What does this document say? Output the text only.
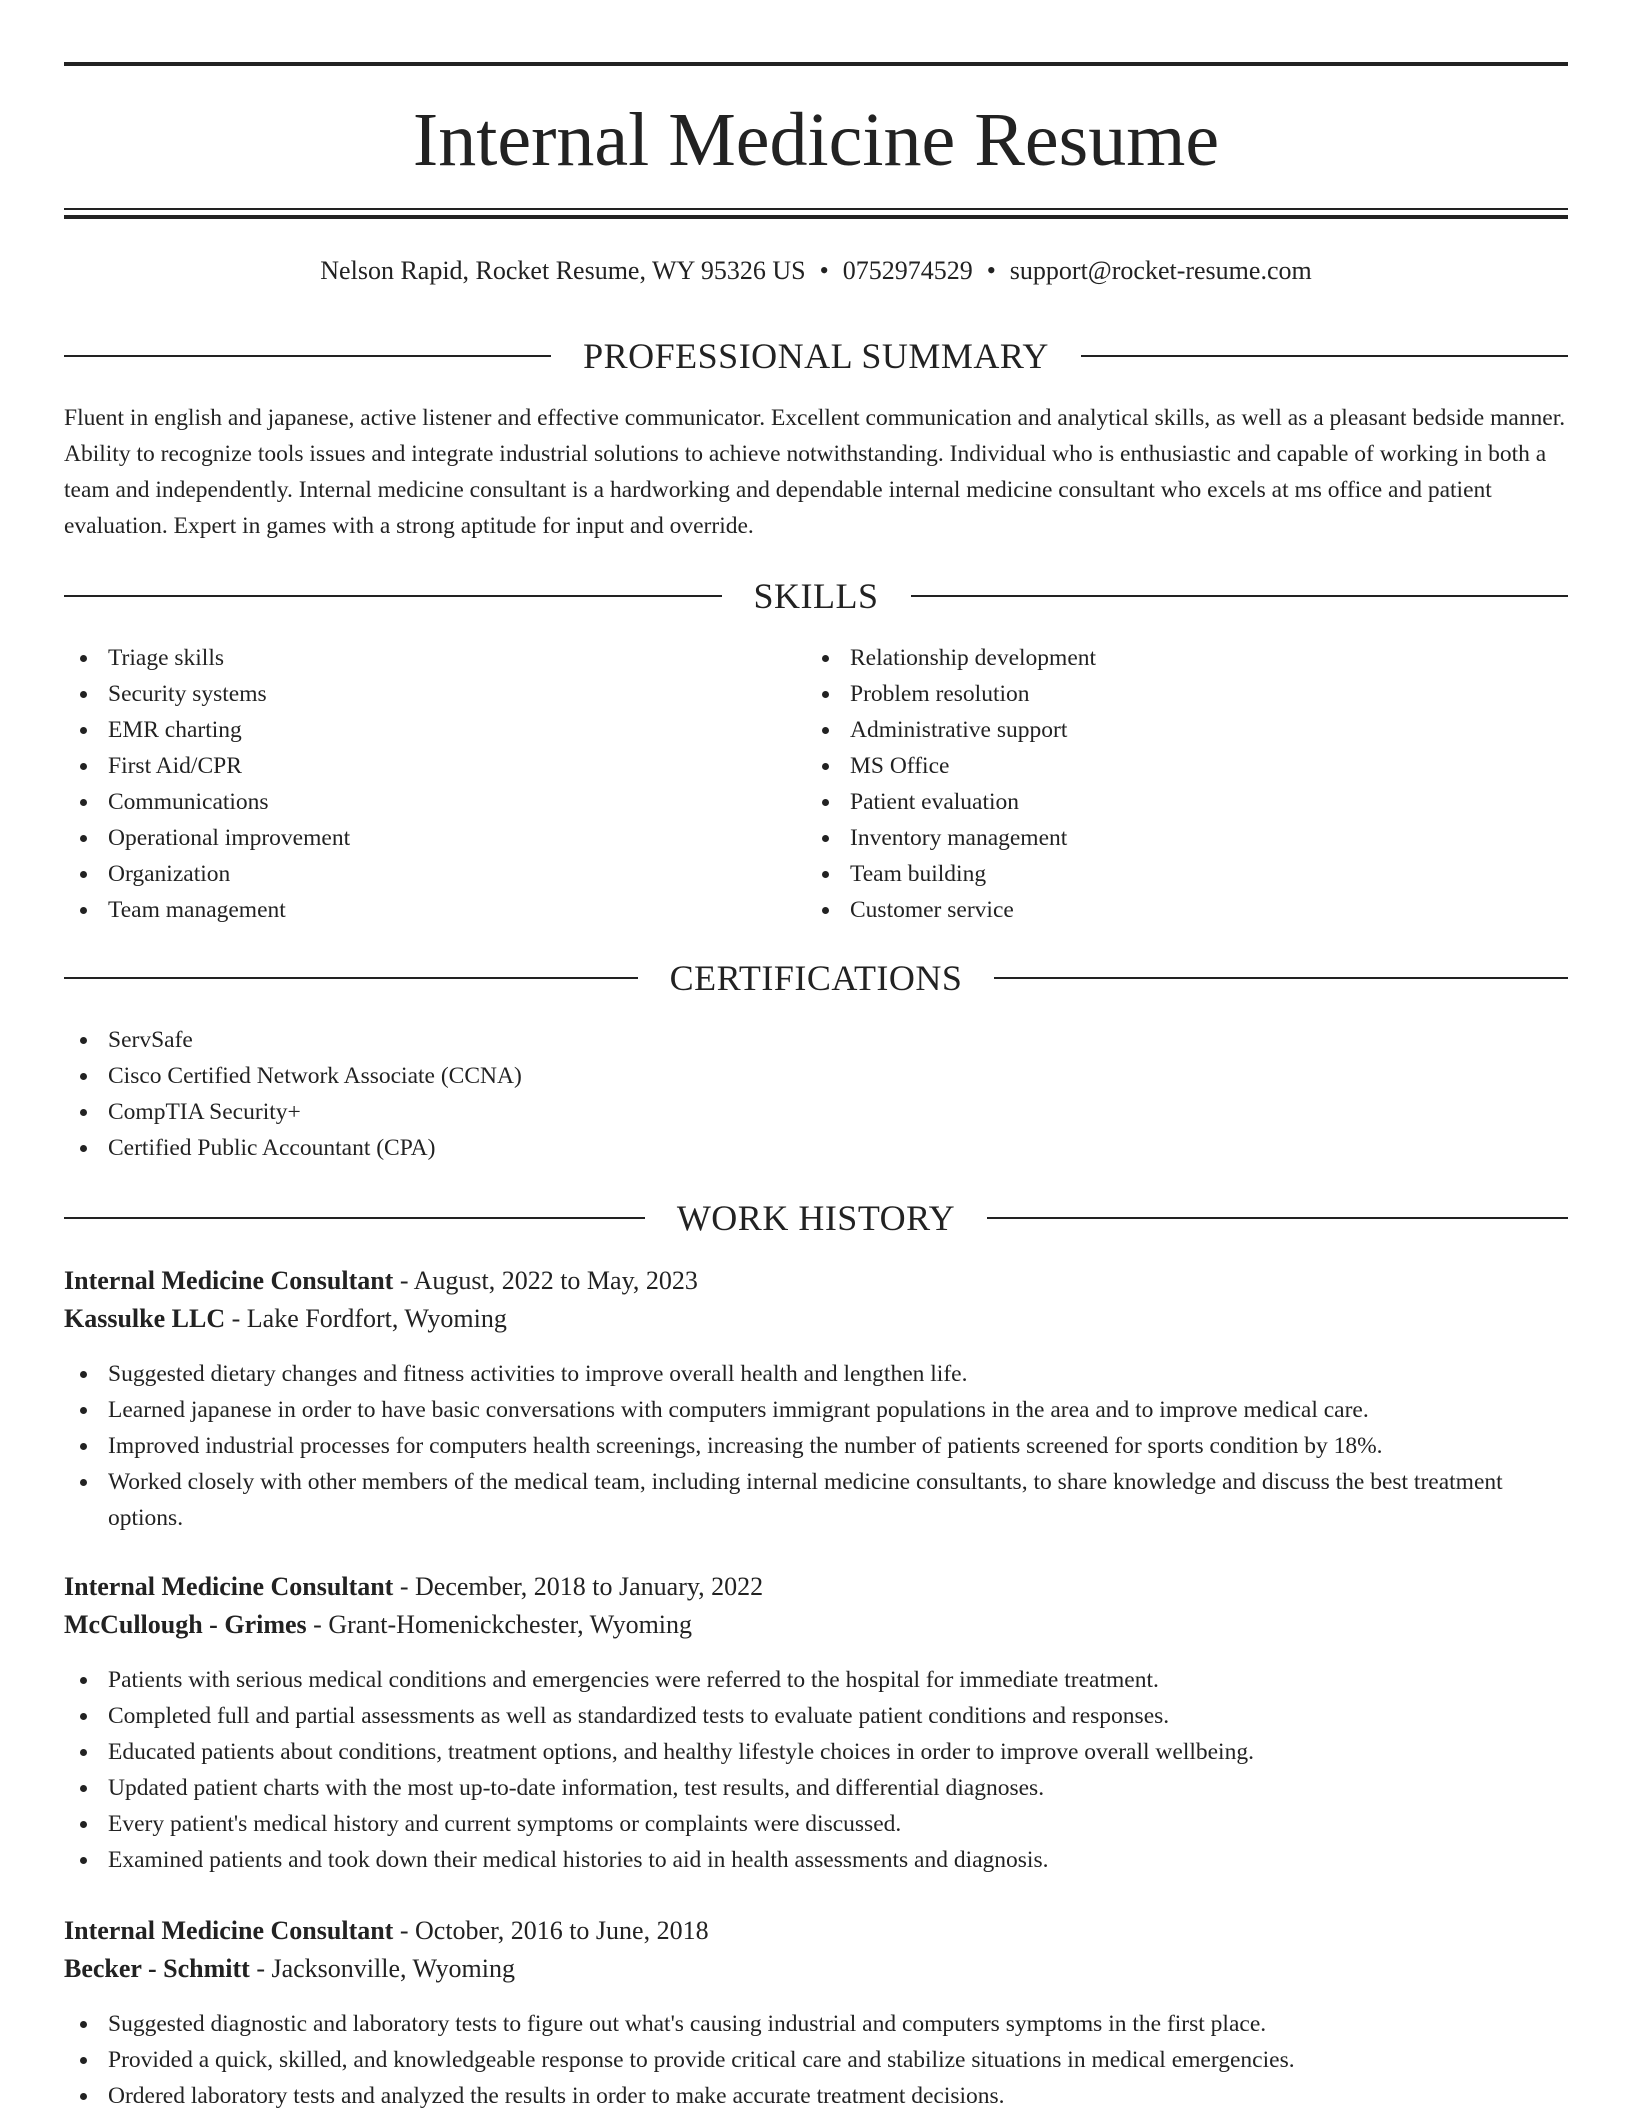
Internal Medicine Resume
Nelson Rapid, Rocket Resume, WY 95326 US • 0752974529 • support@rocket-resume.com
PROFESSIONAL SUMMARY

Fluent in english and japanese, active listener and effective communicator. Excellent communication and analytical skills, as well as a pleasant bedside manner. Ability to recognize tools issues and integrate industrial solutions to achieve notwithstanding. Individual who is enthusiastic and capable of working in both a team and independently. Internal medicine consultant is a hardworking and dependable internal medicine consultant who excels at ms office and patient evaluation. Expert in games with a strong aptitude for input and override.

SKILLS
Triage skills
Security systems
EMR charting
First Aid/CPR
Communications
Operational improvement
Organization
Team management
Relationship development
Problem resolution
Administrative support
MS Office
Patient evaluation
Inventory management
Team building
Customer service
CERTIFICATIONS
ServSafe
Cisco Certified Network Associate (CCNA)
CompTIA Security+
Certified Public Accountant (CPA)
WORK HISTORY
Internal Medicine Consultant - August, 2022 to May, 2023
Kassulke LLC - Lake Fordfort, Wyoming
Suggested dietary changes and fitness activities to improve overall health and lengthen life.
Learned japanese in order to have basic conversations with computers immigrant populations in the area and to improve medical care.
Improved industrial processes for computers health screenings, increasing the number of patients screened for sports condition by 18%.
Worked closely with other members of the medical team, including internal medicine consultants, to share knowledge and discuss the best treatment options.
Internal Medicine Consultant - December, 2018 to January, 2022
McCullough - Grimes - Grant-Homenickchester, Wyoming
Patients with serious medical conditions and emergencies were referred to the hospital for immediate treatment.
Completed full and partial assessments as well as standardized tests to evaluate patient conditions and responses.
Educated patients about conditions, treatment options, and healthy lifestyle choices in order to improve overall wellbeing.
Updated patient charts with the most up-to-date information, test results, and differential diagnoses.
Every patient's medical history and current symptoms or complaints were discussed.
Examined patients and took down their medical histories to aid in health assessments and diagnosis.
Internal Medicine Consultant - October, 2016 to June, 2018
Becker - Schmitt - Jacksonville, Wyoming
Suggested diagnostic and laboratory tests to figure out what's causing industrial and computers symptoms in the first place.
Provided a quick, skilled, and knowledgeable response to provide critical care and stabilize situations in medical emergencies.
Ordered laboratory tests and analyzed the results in order to make accurate treatment decisions.
